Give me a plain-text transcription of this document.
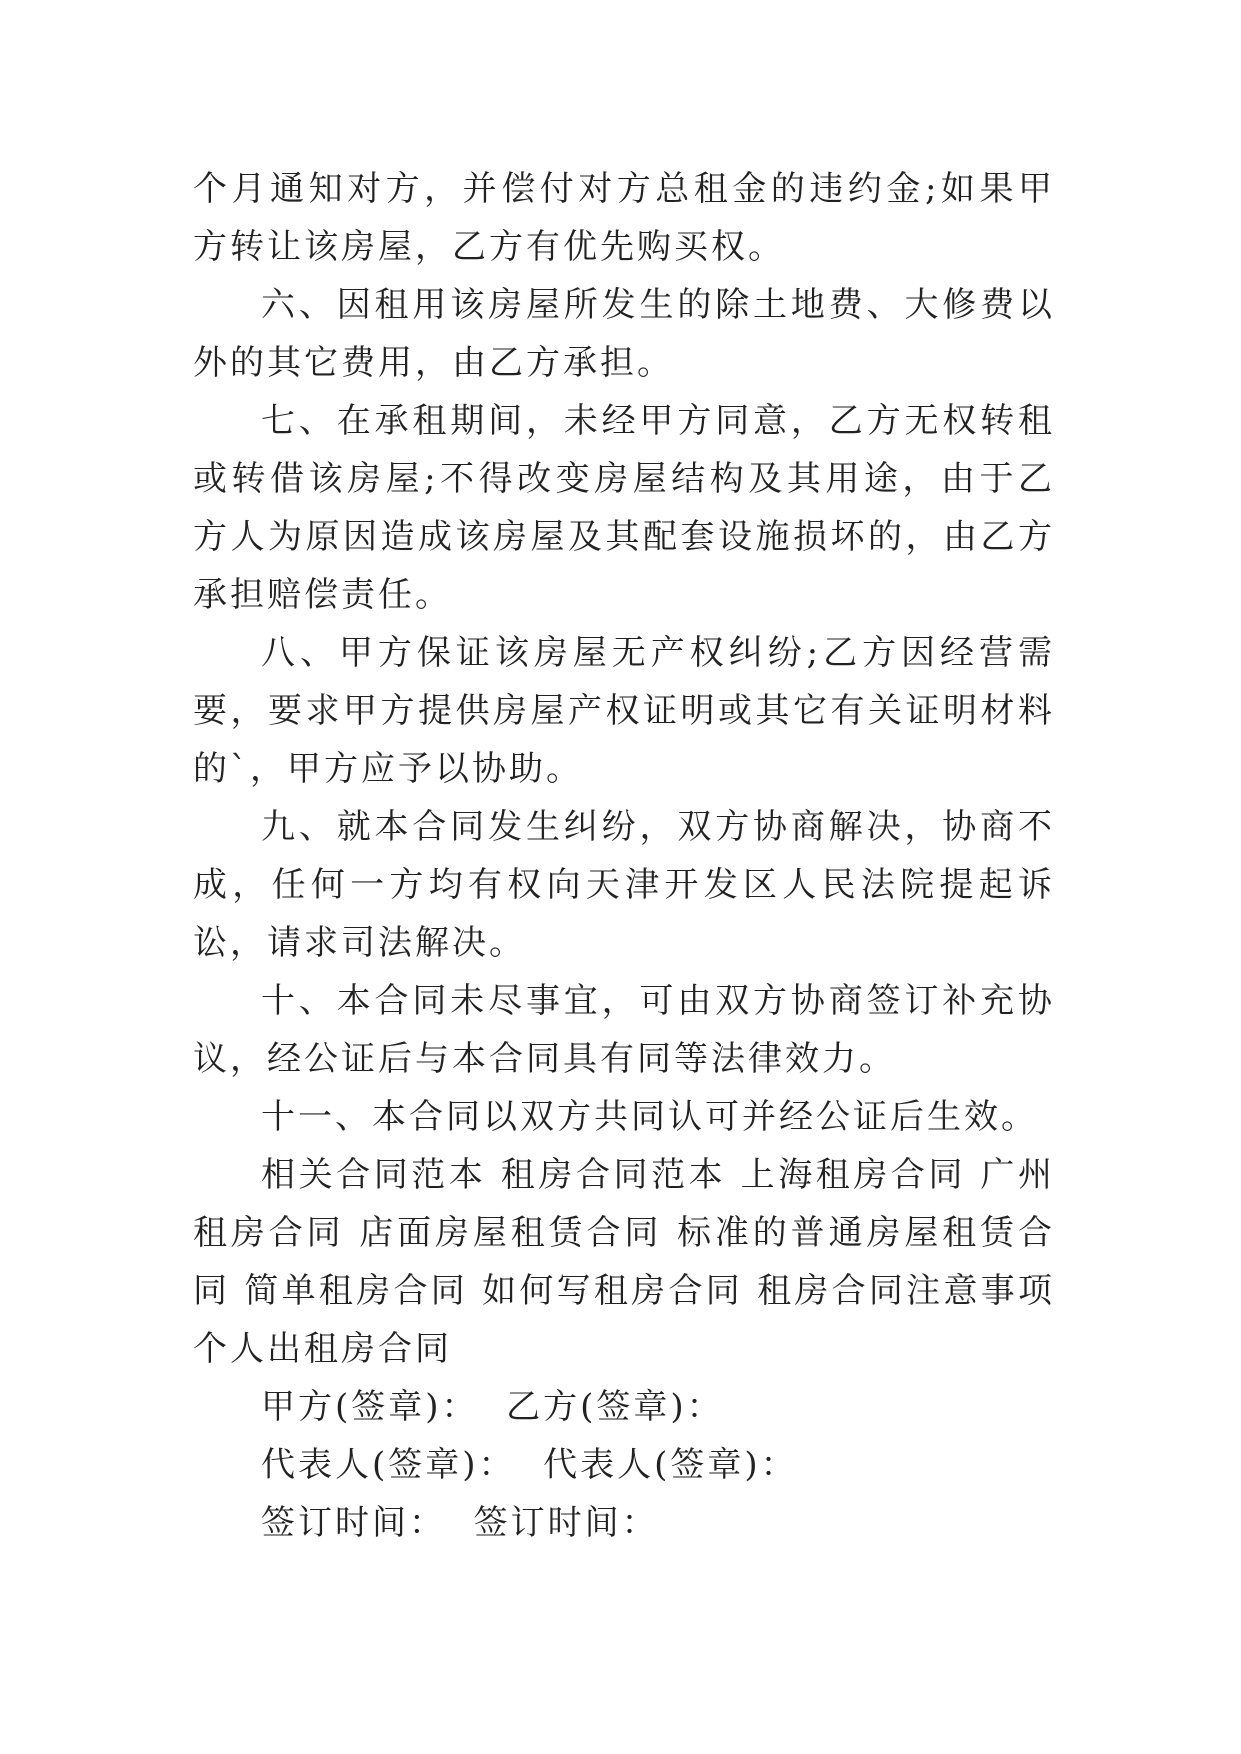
个月通知对方，并偿付对方总租金的违约金;如果甲方转让该房屋，乙方有优先购买权。

六、因租用该房屋所发生的除土地费、大修费以外的其它费用，由乙方承担。

七、在承租期间，未经甲方同意，乙方无权转租或转借该房屋;不得改变房屋结构及其用途，由于乙方人为原因造成该房屋及其配套设施损坏的，由乙方承担赔偿责任。

八、甲方保证该房屋无产权纠纷;乙方因经营需要，要求甲方提供房屋产权证明或其它有关证明材料的`，甲方应予以协助。

九、就本合同发生纠纷，双方协商解决，协商不成，任何一方均有权向天津开发区人民法院提起诉讼，请求司法解决。

十、本合同未尽事宜，可由双方协商签订补充协议，经公证后与本合同具有同等法律效力。

十一、本合同以双方共同认可并经公证后生效。

相关合同范本 租房合同范本 上海租房合同 广州租房合同 店面房屋租赁合同 标准的普通房屋租赁合同 简单租房合同 如何写租房合同 租房合同注意事项 个人出租房合同

甲方(签章)：  乙方(签章)：

代表人(签章)：  代表人(签章)：

签订时间：  签订时间：
